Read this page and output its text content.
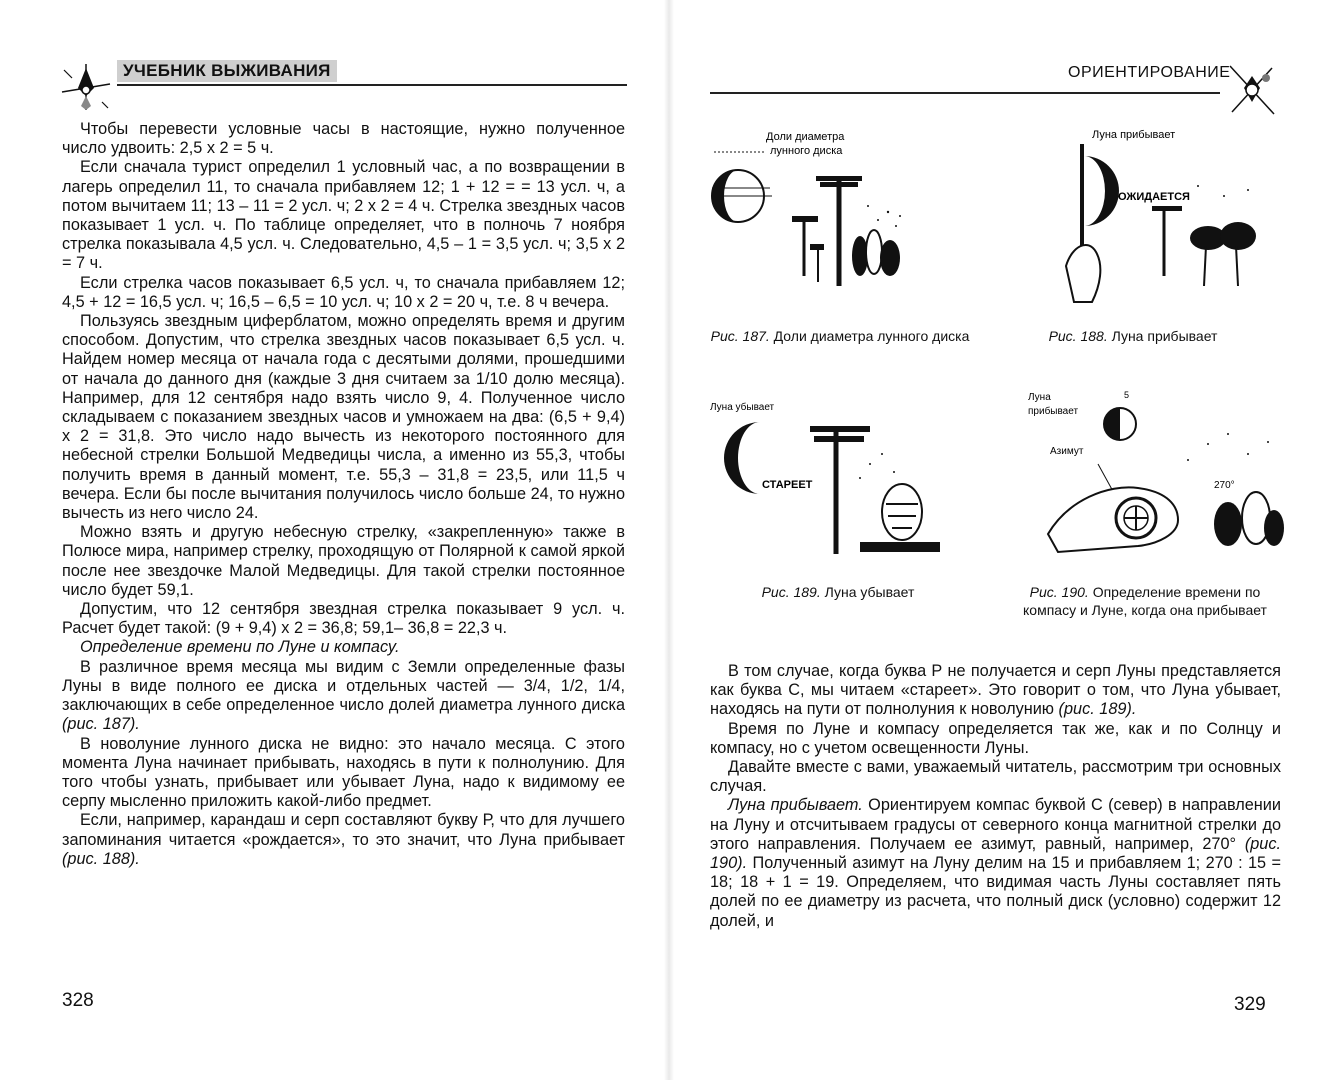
УЧЕБНИК ВЫЖИВАНИЯ

Чтобы перевести условные часы в настоящие, нужно полученное число удвоить: 2,5 х 2 = 5 ч.

Если сначала турист определил 1 условный час, а по возвращении в лагерь определил 11, то сначала прибавляем 12; 1 + 12 = = 13 усл. ч, а потом вычитаем 11; 13 – 11 = 2 усл. ч; 2 х 2 = 4 ч. Стрелка звездных часов показывает 1 усл. ч. По таблице определяет, что в полночь 7 ноября стрелка показывала 4,5 усл. ч. Следовательно, 4,5 – 1 = 3,5 усл. ч; 3,5 х 2 = 7 ч.

Если стрелка часов показывает 6,5 усл. ч, то сначала прибавляем 12; 4,5 + 12 = 16,5 усл. ч; 16,5 – 6,5 = 10 усл. ч; 10 х 2 = 20 ч, т.е. 8 ч вечера.

Пользуясь звездным циферблатом, можно определять время и другим способом. Допустим, что стрелка звездных часов показывает 6,5 усл. ч. Найдем номер месяца от начала года с десятыми долями, прошедшими от начала до данного дня (каждые 3 дня считаем за 1/10 долю месяца). Например, для 12 сентября надо взять число 9, 4. Полученное число складываем с показанием звездных часов и умножаем на два: (6,5 + 9,4) х 2 = 31,8. Это число надо вычесть из некоторого постоянного для небесной стрелки Большой Медведицы числа, а именно из 55,3, чтобы получить время в данный момент, т.е. 55,3 – 31,8 = 23,5, или 11,5 ч вечера. Если бы после вычитания получилось число больше 24, то нужно вычесть из него число 24.

Можно взять и другую небесную стрелку, «закрепленную» также в Полюсе мира, например стрелку, проходящую от Полярной к самой яркой после нее звездочке Малой Медведицы. Для такой стрелки постоянное число будет 59,1.

Допустим, что 12 сентября звездная стрелка показывает 9 усл. ч. Расчет будет такой: (9 + 9,4) х 2 = 36,8; 59,1– 36,8 = 22,3 ч.

Определение времени по Луне и компасу.

В различное время месяца мы видим с Земли определенные фазы Луны в виде полного ее диска и отдельных частей — 3/4, 1/2, 1/4, заключающих в себе определенное число долей диаметра лунного диска (рис. 187).

В новолуние лунного диска не видно: это начало месяца. С этого момента Луна начинает прибывать, находясь в пути к полнолунию. Для того чтобы узнать, прибывает или убывает Луна, надо к видимому ее серпу мысленно приложить какой-либо предмет.

Если, например, карандаш и серп составляют букву Р, что для лучшего запоминания читается «рождается», то это значит, что Луна прибывает (рис. 188).

328
ОРИЕНТИРОВАНИЕ
Доли диаметра
лунного диска
Луна прибывает
ОЖИДАЕТСЯ
Рис. 187. Доли диаметра лунного диска	Рис. 188. Луна прибывает
Луна убывает
СТАРЕЕТ
Луна
прибывает
5
Азимут
270°
Рис. 189. Луна убывает	Рис. 190. Определение времени по компасу и Луне, когда она прибывает

В том случае, когда буква Р не получается и серп Луны представляется как буква С, мы читаем «стареет». Это говорит о том, что Луна убывает, находясь на пути от полнолуния к новолунию (рис. 189).

Время по Луне и компасу определяется так же, как и по Солнцу и компасу, но с учетом освещенности Луны.

Давайте вместе с вами, уважаемый читатель, рассмотрим три основных случая.

Луна прибывает. Ориентируем компас буквой С (север) в направлении на Луну и отсчитываем градусы от северного конца магнитной стрелки до этого направления. Получаем ее азимут, равный, например, 270° (рис. 190). Полученный азимут на Луну делим на 15 и прибавляем 1; 270 : 15 = 18; 18 + 1 = 19. Определяем, что видимая часть Луны составляет пять долей по ее диаметру из расчета, что полный диск (условно) содержит 12 долей, и

329
